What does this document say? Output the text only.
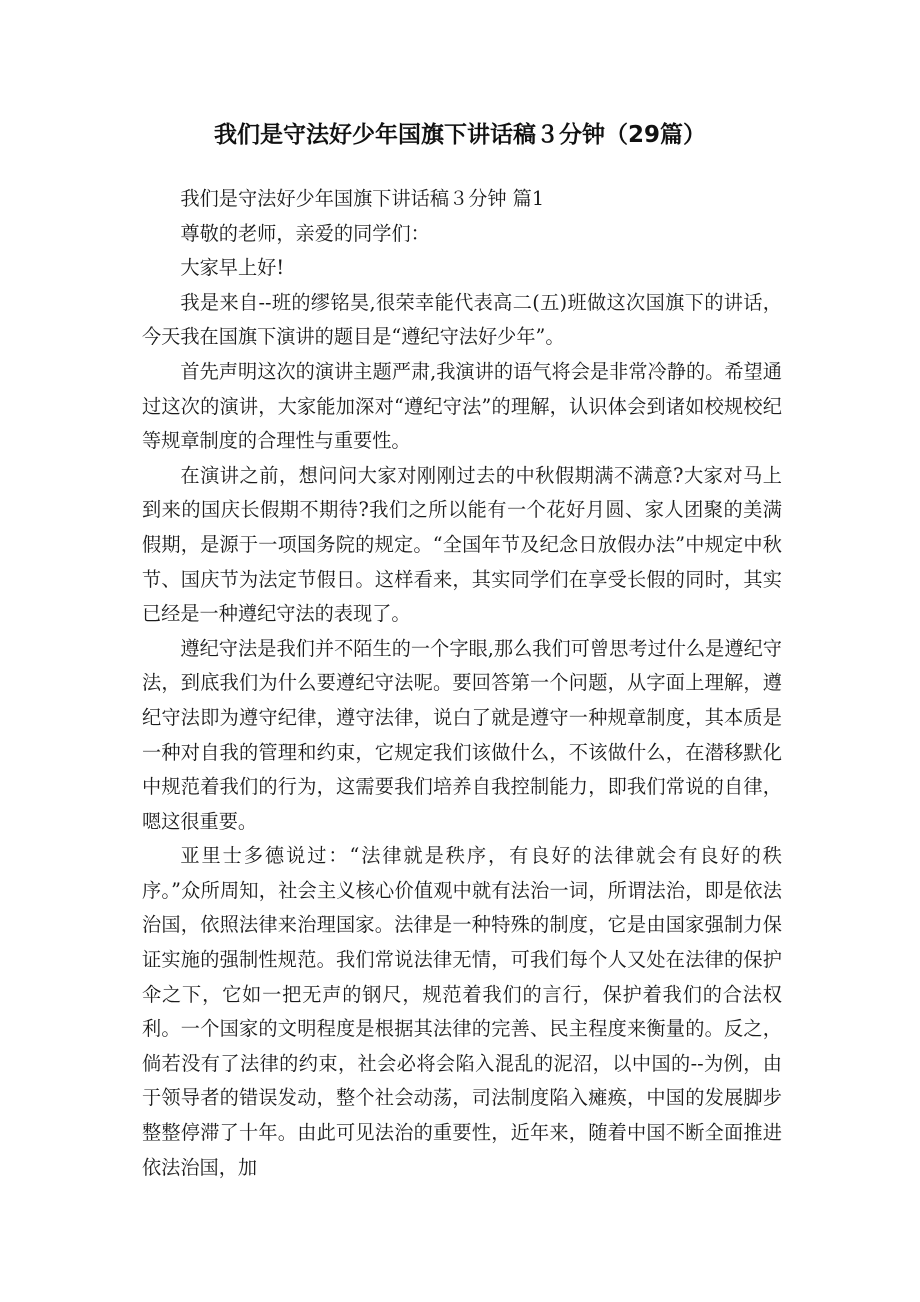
我们是守法好少年国旗下讲话稿３分钟（29篇）

我们是守法好少年国旗下讲话稿３分钟 篇1

尊敬的老师，亲爱的同学们：

大家早上好!

我是来自--班的缪铭昊,很荣幸能代表高二(五)班做这次国旗下的讲话，今天我在国旗下演讲的题目是“遵纪守法好少年”。

首先声明这次的演讲主题严肃,我演讲的语气将会是非常冷静的。希望通过这次的演讲，大家能加深对“遵纪守法”的理解，认识体会到诸如校规校纪等规章制度的合理性与重要性。

在演讲之前，想问问大家对刚刚过去的中秋假期满不满意?大家对马上到来的国庆长假期不期待?我们之所以能有一个花好月圆、家人团聚的美满假期，是源于一项国务院的规定。“全国年节及纪念日放假办法”中规定中秋节、国庆节为法定节假日。这样看来，其实同学们在享受长假的同时，其实已经是一种遵纪守法的表现了。

遵纪守法是我们并不陌生的一个字眼,那么我们可曾思考过什么是遵纪守法，到底我们为什么要遵纪守法呢。要回答第一个问题，从字面上理解，遵纪守法即为遵守纪律，遵守法律，说白了就是遵守一种规章制度，其本质是一种对自我的管理和约束，它规定我们该做什么，不该做什么，在潜移默化中规范着我们的行为，这需要我们培养自我控制能力，即我们常说的自律，嗯这很重要。

亚里士多德说过：“法律就是秩序，有良好的法律就会有良好的秩序。”众所周知，社会主义核心价值观中就有法治一词，所谓法治，即是依法治国，依照法律来治理国家。法律是一种特殊的制度，它是由国家强制力保证实施的强制性规范。我们常说法律无情，可我们每个人又处在法律的保护伞之下，它如一把无声的钢尺，规范着我们的言行，保护着我们的合法权利。一个国家的文明程度是根据其法律的完善、民主程度来衡量的。反之，倘若没有了法律的约束，社会必将会陷入混乱的泥沼，以中国的--为例，由于领导者的错误发动，整个社会动荡，司法制度陷入瘫痪，中国的发展脚步整整停滞了十年。由此可见法治的重要性，近年来，随着中国不断全面推进依法治国，加
